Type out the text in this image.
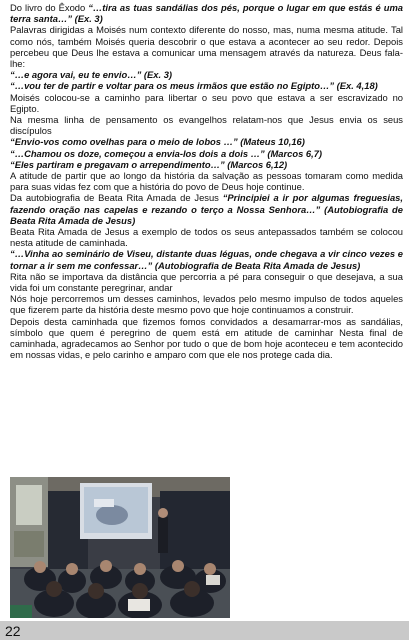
Do livro do Êxodo “…tira as tuas sandálias dos pés, porque o lugar em que estás é uma terra santa…” (Ex. 3)

Palavras dirigidas a Moisés num contexto diferente do nosso, mas, numa mesma atitude. Tal como nós, também Moisés queria descobrir o que estava a acontecer ao seu redor. Depois percebeu que Deus lhe estava a comunicar uma mensagem através da natureza. Deus fala-lhe:

“…e agora vai, eu te envio…” (Ex. 3)

“…vou ter de partir e voltar para os meus irmãos que estão no Egipto…” (Ex. 4,18)

Moisés colocou-se a caminho para libertar o seu povo que estava a ser escravizado no Egipto.

Na mesma linha de pensamento os evangelhos relatam-nos que Jesus envia os seus discípulos

“Envio-vos como ovelhas para o meio de lobos …” (Mateus 10,16)

“…Chamou os doze, começou a envia-los dois a dois …” (Marcos 6,7)

“Eles partiram e pregavam o arrependimento…” (Marcos 6,12)

A atitude de partir que ao longo da história da salvação as pessoas tomaram como medida para suas vidas fez com que a história do povo de Deus hoje continue.

Da autobiografia de Beata Rita Amada de Jesus “Principiei a ir por algumas freguesias, fazendo oração nas capelas e rezando o terço a Nossa Senhora…” (Autobiografia de Beata Rita Amada de Jesus)

Beata Rita Amada de Jesus a exemplo de todos os seus antepassados também se colocou nesta atitude de caminhada.

“…Vinha ao seminário de Viseu, distante duas léguas, onde chegava a vir cinco vezes e tornar a ir sem me confessar…” (Autobiografia de Beata Rita Amada de Jesus)

Rita não se importava da distância que percorria a pé para conseguir o que desejava, a sua vida foi um constante peregrinar, andar

Nós hoje percorremos um desses caminhos, levados pelo mesmo impulso de todos aqueles que fizerem parte da história deste mesmo povo que hoje continuamos a construir.

Depois desta caminhada que fizemos fomos convidados a desamarrar-mos as sandálias, símbolo que quem é peregrino de quem está em atitude de caminhar Nesta final de caminhada, agradecamos ao Senhor por tudo o que de bom hoje aconteceu e tem acontecido em nossas vidas, e pelo carinho e amparo com que ele nos protege cada dia.

22
